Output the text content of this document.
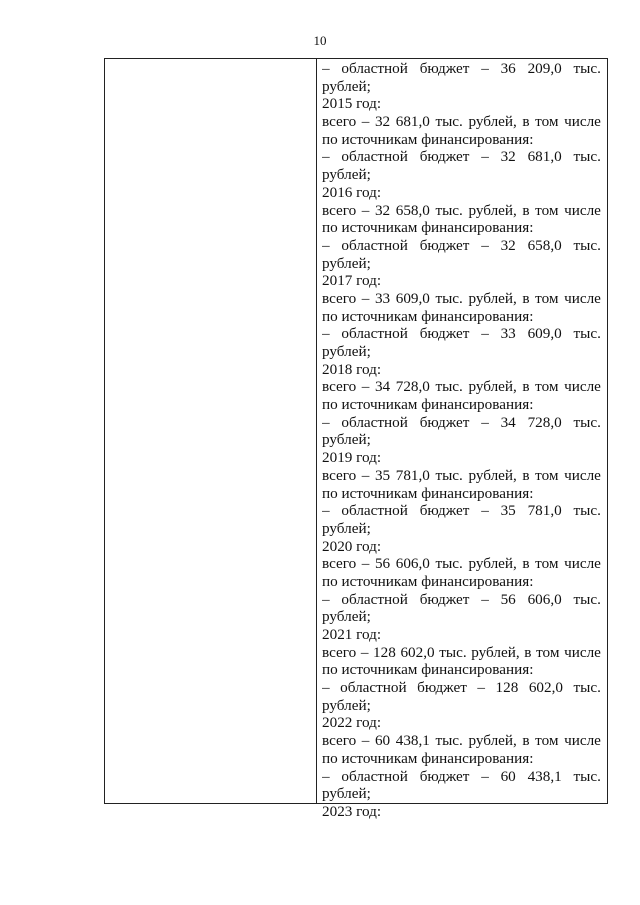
10
– областной бюджет – 36 209,0 тыс.
рублей;
2015 год:
всего – 32 681,0 тыс. рублей, в том числе
по источникам финансирования:
– областной бюджет – 32 681,0 тыс.
рублей;
2016 год:
всего – 32 658,0 тыс. рублей, в том числе
по источникам финансирования:
– областной бюджет – 32 658,0 тыс.
рублей;
2017 год:
всего – 33 609,0 тыс. рублей, в том числе
по источникам финансирования:
– областной бюджет – 33 609,0 тыс.
рублей;
2018 год:
всего – 34 728,0 тыс. рублей, в том числе
по источникам финансирования:
– областной бюджет – 34 728,0 тыс.
рублей;
2019 год:
всего – 35 781,0 тыс. рублей, в том числе
по источникам финансирования:
– областной бюджет – 35 781,0 тыс.
рублей;
2020 год:
всего – 56 606,0 тыс. рублей, в том числе
по источникам финансирования:
– областной бюджет – 56 606,0 тыс.
рублей;
2021 год:
всего – 128 602,0 тыс. рублей, в том числе
по источникам финансирования:
– областной бюджет – 128 602,0 тыс.
рублей;
2022 год:
всего – 60 438,1 тыс. рублей, в том числе
по источникам финансирования:
– областной бюджет – 60 438,1 тыс.
рублей;
2023 год:
